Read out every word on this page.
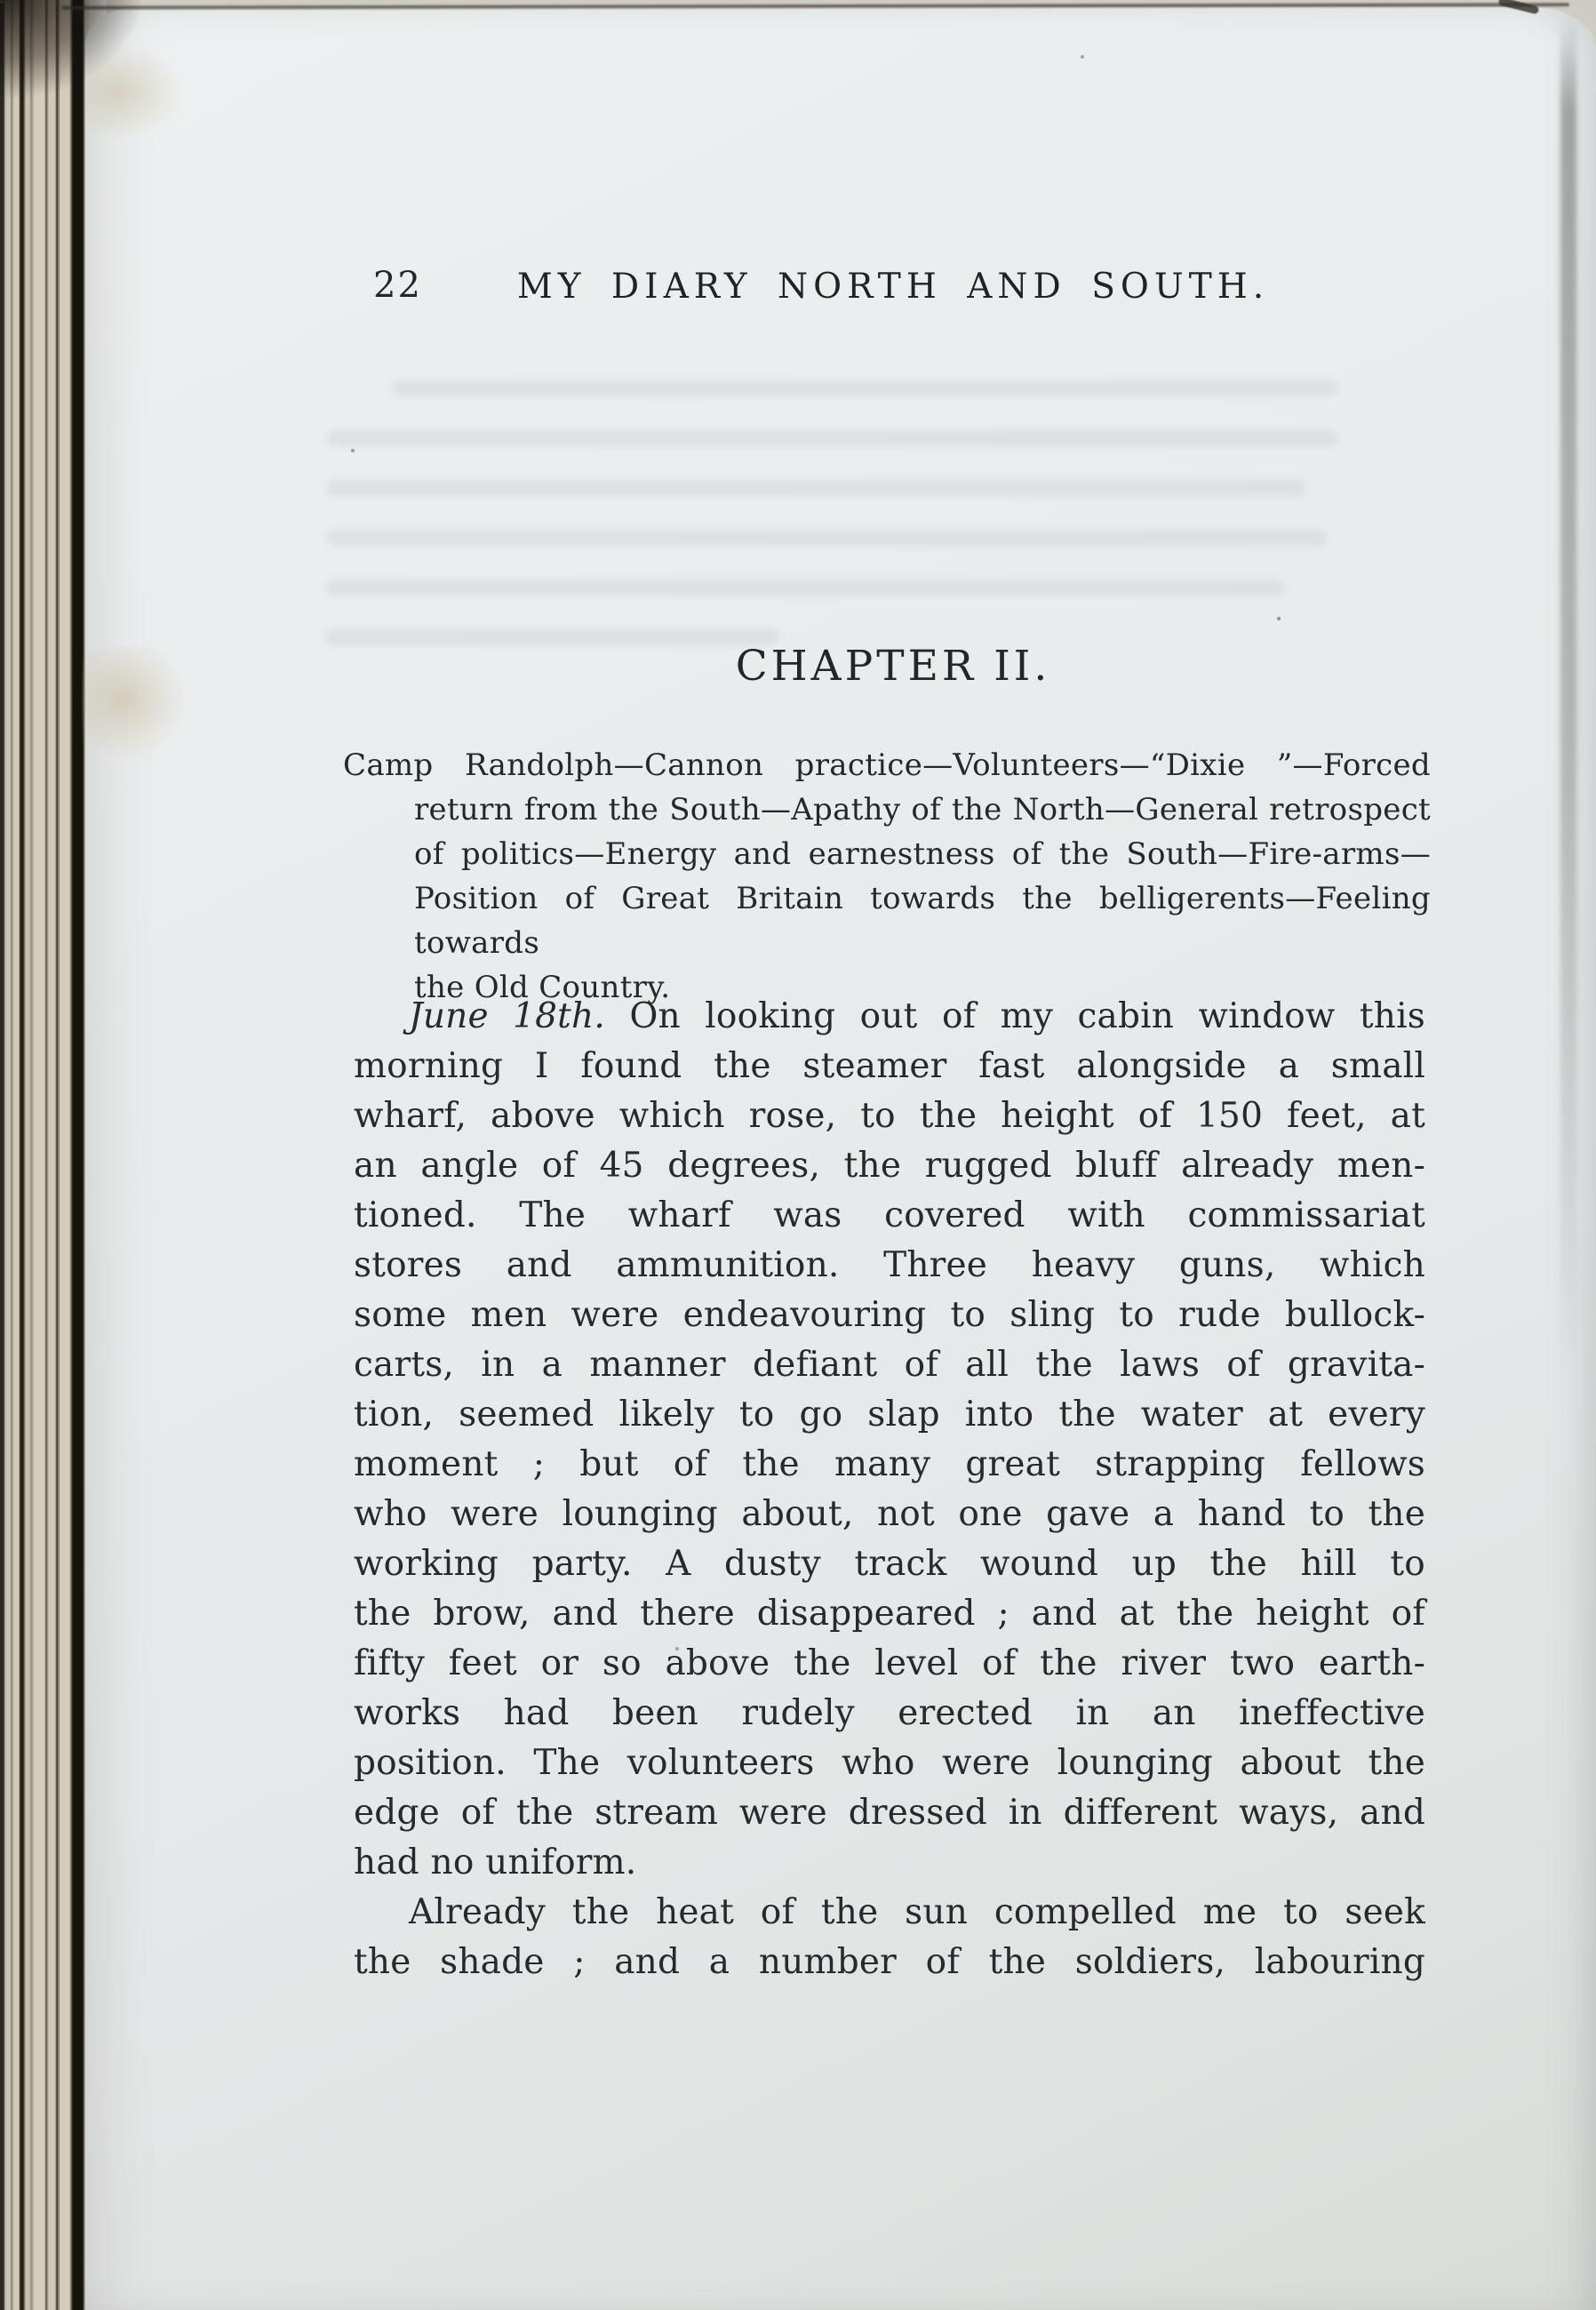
22	MY DIARY NORTH AND SOUTH.
CHAPTER II.
Camp Randolph—Cannon practice—Volunteers—“Dixie ”—Forced
return from the South—Apathy of the North—General retrospect
of politics—Energy and earnestness of the South—Fire-arms—
Position of Great Britain towards the belligerents—Feeling towards
the Old Country.
June 18th. On looking out of my cabin window this
morning I found the steamer fast alongside a small
wharf, above which rose, to the height of 150 feet, at
an angle of 45 degrees, the rugged bluff already men-
tioned. The wharf was covered with commissariat
stores and ammunition. Three heavy guns, which
some men were endeavouring to sling to rude bullock-
carts, in a manner defiant of all the laws of gravita-
tion, seemed likely to go slap into the water at every
moment ; but of the many great strapping fellows
who were lounging about, not one gave a hand to the
working party. A dusty track wound up the hill to
the brow, and there disappeared ; and at the height of
fifty feet or so above the level of the river two earth-
works had been rudely erected in an ineffective
position. The volunteers who were lounging about the
edge of the stream were dressed in different ways, and
had no uniform.
Already the heat of the sun compelled me to seek
the shade ; and a number of the soldiers, labouring
